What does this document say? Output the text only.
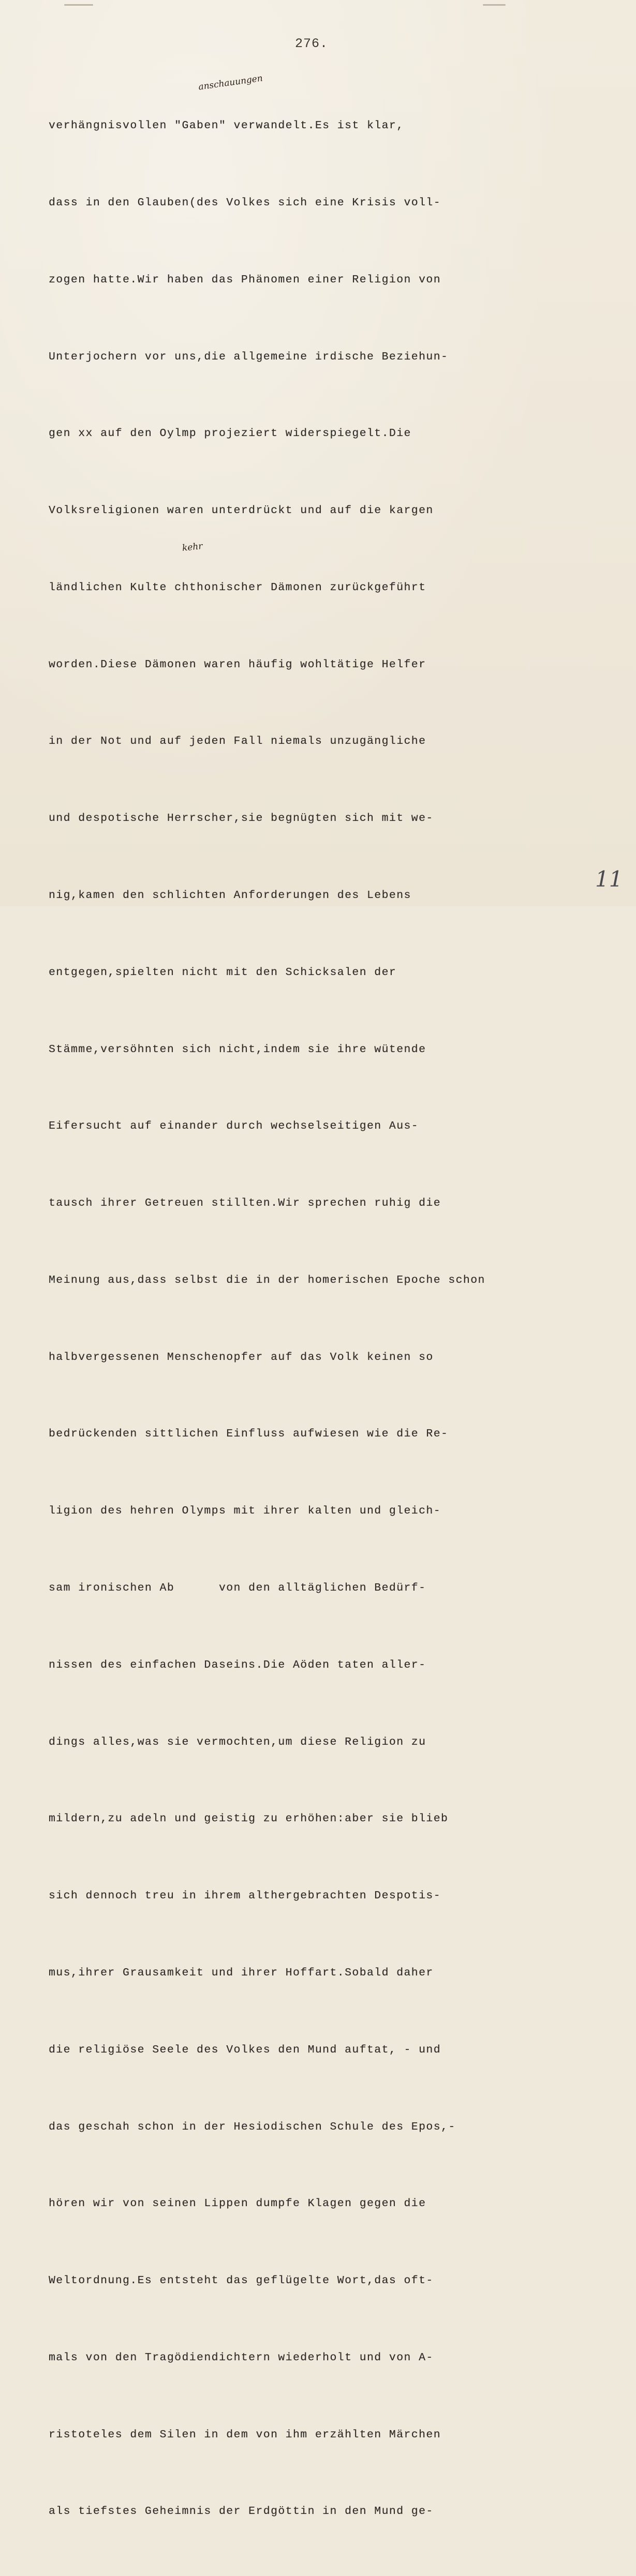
276.

verhängnisvollen "Gaben" verwandelt.Es ist klar,

dass in den Glauben(des Volkes sich eine Krisis voll-

zogen hatte.Wir haben das Phänomen einer Religion von

Unterjochern vor uns,die allgemeine irdische Beziehun-

gen xx auf den Oylmp projeziert widerspiegelt.Die

Volksreligionen waren unterdrückt und auf die kargen

ländlichen Kulte chthonischer Dämonen zurückgeführt

worden.Diese Dämonen waren häufig wohltätige Helfer

in der Not und auf jeden Fall niemals unzugängliche

und despotische Herrscher,sie begnügten sich mit we-

nig,kamen den schlichten Anforderungen des Lebens

entgegen,spielten nicht mit den Schicksalen der

Stämme,versöhnten sich nicht,indem sie ihre wütende

Eifersucht auf einander durch wechselseitigen Aus-

tausch ihrer Getreuen stillten.Wir sprechen ruhig die

Meinung aus,dass selbst die in der homerischen Epoche schon

halbvergessenen Menschenopfer auf das Volk keinen so

bedrückenden sittlichen Einfluss aufwiesen wie die Re-

ligion des hehren Olymps mit ihrer kalten und gleich-

sam ironischen Ab      von den alltäglichen Bedürf-

nissen des einfachen Daseins.Die Aöden taten aller-

dings alles,was sie vermochten,um diese Religion zu

mildern,zu adeln und geistig zu erhöhen:aber sie blieb

sich dennoch treu in ihrem althergebrachten Despotis-

mus,ihrer Grausamkeit und ihrer Hoffart.Sobald daher

die religiöse Seele des Volkes den Mund auftat, - und

das geschah schon in der Hesiodischen Schule des Epos,-

hören wir von seinen Lippen dumpfe Klagen gegen die

Weltordnung.Es entsteht das geflügelte Wort,das oft-

mals von den Tragödiendichtern wiederholt und von A-

ristoteles dem Silen in dem von ihm erzählten Märchen

als tiefstes Geheimnis der Erdgöttin in den Mund ge-

anschauungen
kehr
11
